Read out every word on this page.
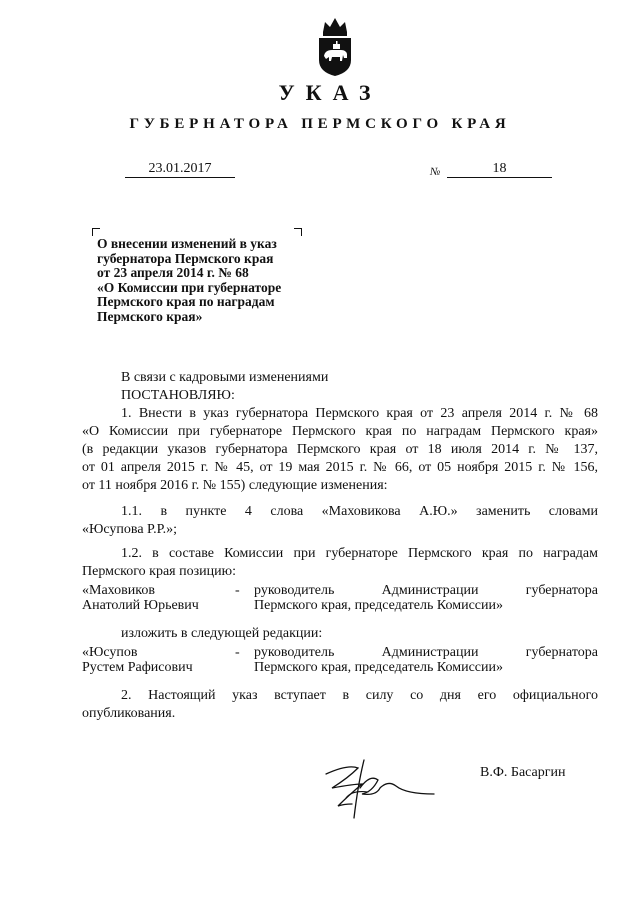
УКАЗ
ГУБЕРНАТОРА ПЕРМСКОГО КРАЯ
23.01.2017	№	18
О внесении изменений в указ
губернатора Пермского края
от 23 апреля 2014 г. № 68
«О Комиссии при губернаторе
Пермского края по наградам
Пермского края»
В связи с кадровыми изменениями
ПОСТАНОВЛЯЮ:
1. Внести в указ губернатора Пермского края от 23 апреля 2014 г. № 68
«О Комиссии при губернаторе Пермского края по наградам Пермского края»
(в редакции указов губернатора Пермского края от 18 июля 2014 г. № 137,
от 01 апреля 2015 г. № 45, от 19 мая 2015 г. № 66, от 05 ноября 2015 г. № 156,
от 11 ноября 2016 г. № 155) следующие изменения:
1.1. в пункте 4 слова «Маховикова А.Ю.» заменить словами
«Юсупова Р.Р.»;
1.2. в составе Комиссии при губернаторе Пермского края по наградам
Пермского края позицию:
«Маховиков
Анатолий Юрьевич
- руководитель Администрации губернатора
Пермского края, председатель Комиссии»
изложить в следующей редакции:
«Юсупов
Рустем Рафисович
- руководитель Администрации губернатора
Пермского края, председатель Комиссии»
2. Настоящий указ вступает в силу со дня его официального
опубликования.
В.Ф. Басаргин
